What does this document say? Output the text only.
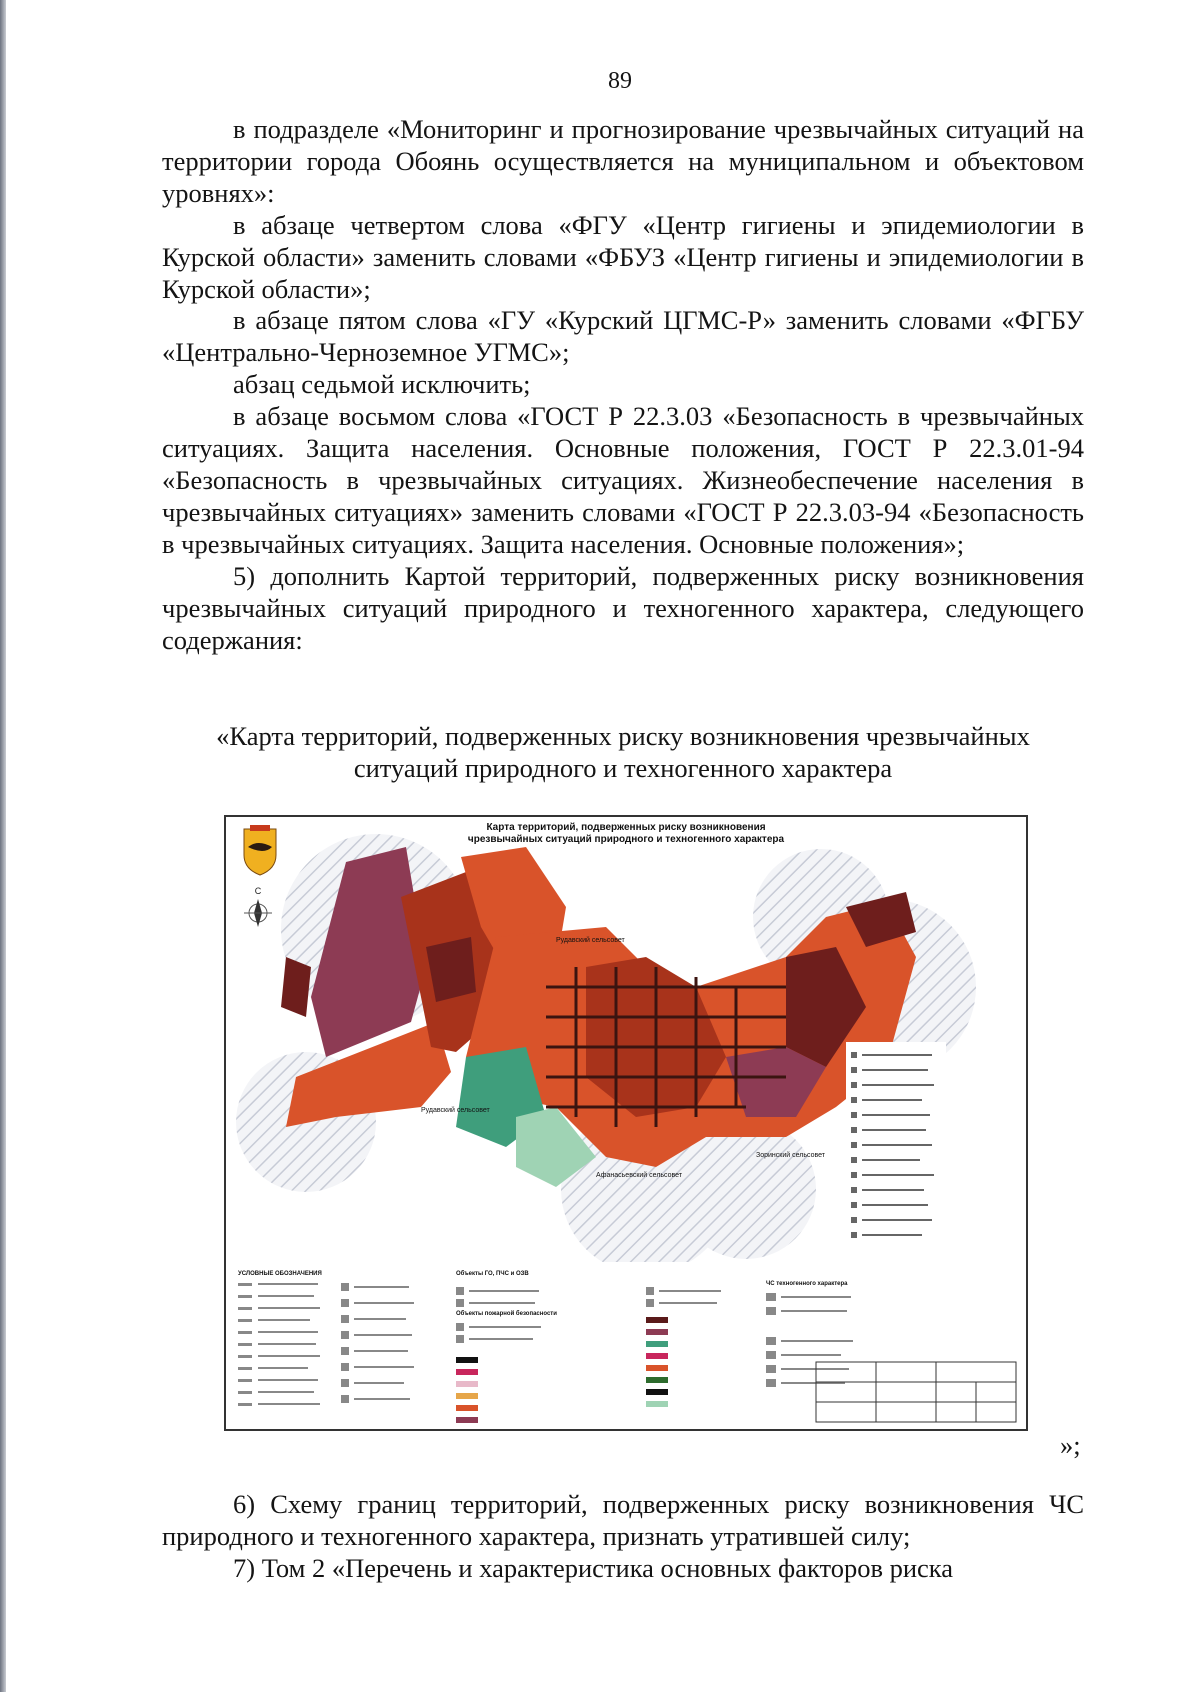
89

в подразделе «Мониторинг и прогнозирование чрезвычайных ситуаций на территории города Обоянь осуществляется на муниципальном и объектовом уровнях»:

в абзаце четвертом слова «ФГУ «Центр гигиены и эпидемиологии в Курской области» заменить словами «ФБУЗ «Центр гигиены и эпидемиологии в Курской области»;

в абзаце пятом слова «ГУ «Курский ЦГМС-Р» заменить словами «ФГБУ «Центрально-Черноземное УГМС»;

абзац седьмой исключить;

в абзаце восьмом слова «ГОСТ Р 22.3.03 «Безопасность в чрезвычайных ситуациях. Защита населения. Основные положения, ГОСТ Р 22.3.01-94 «Безопасность в чрезвычайных ситуациях. Жизнеобеспечение населения в чрезвычайных ситуациях» заменить словами «ГОСТ Р 22.3.03-94 «Безопасность в чрезвычайных ситуациях. Защита населения. Основные положения»;

5) дополнить Картой территорий, подверженных риску возникновения чрезвычайных ситуаций природного и техногенного характера, следующего содержания:

«Карта территорий, подверженных риску возникновения чрезвычайных ситуаций природного и техногенного характера
Карта территорий, подверженных риску возникновения
чрезвычайных ситуаций природного и техногенного характера
С
Рудавский сельсовет
Рудавский сельсовет
Афанасьевский сельсовет
Зоринский сельсовет
УСЛОВНЫЕ ОБОЗНАЧЕНИЯ	Объекты ГО, ПЧС и ОЗВ
Объекты пожарной безопасности
ЧС техногенного характера
»;

6) Схему границ территорий, подверженных риску возникновения ЧС природного и техногенного характера, признать утратившей силу;

7) Том 2 «Перечень и характеристика основных факторов риска
